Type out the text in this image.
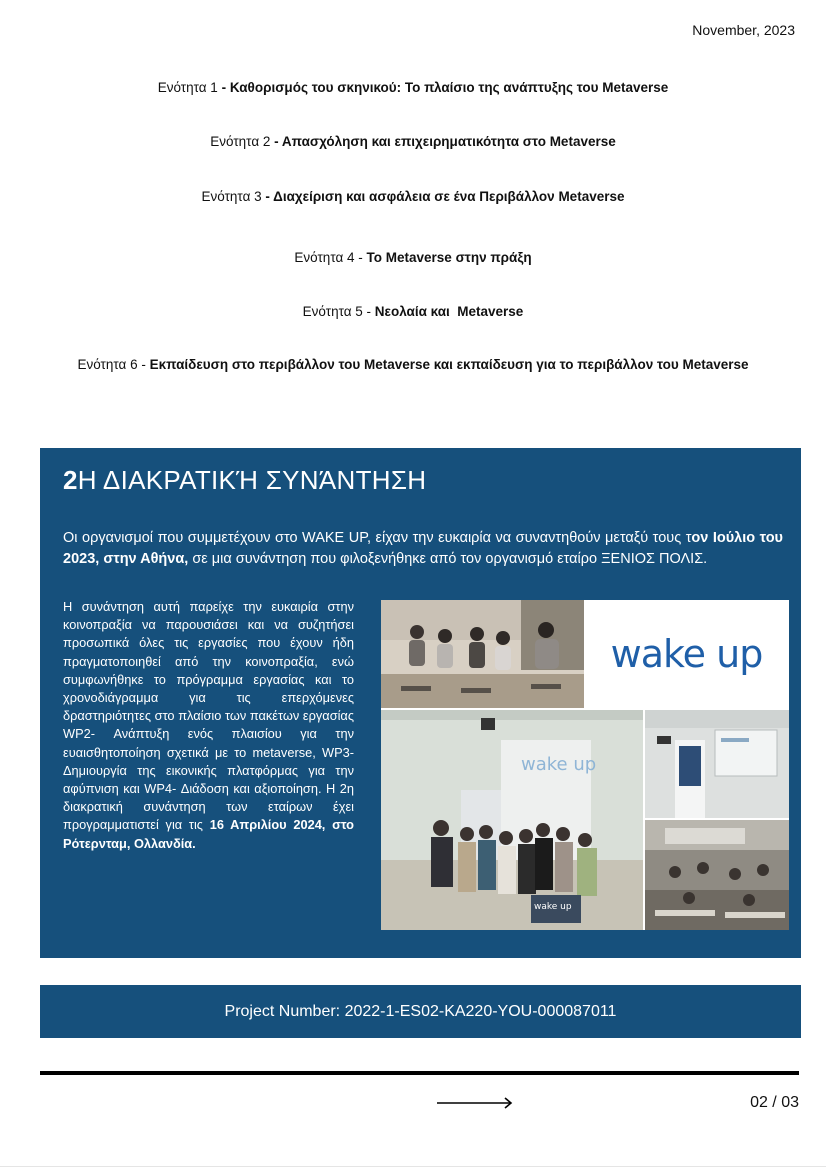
November, 2023
Ενότητα 1 - Καθορισμός του σκηνικού: Το πλαίσιο της ανάπτυξης του Metaverse
Ενότητα 2 - Απασχόληση και επιχειρηματικότητα στο Metaverse
Ενότητα 3 - Διαχείριση και ασφάλεια σε ένα Περιβάλλον Metaverse
Ενότητα 4 - Το Metaverse στην πράξη
Ενότητα 5 - Νεολαία και  Metaverse
Ενότητα 6 - Εκπαίδευση στο περιβάλλον του Metaverse και εκπαίδευση για το περιβάλλον του Metaverse
2Η ΔΙΑΚΡΑΤΙΚΉ ΣΥΝΆΝΤΗΣΗ
Οι οργανισμοί που συμμετέχουν στο WAKE UP, είχαν την ευκαιρία να συναντηθούν μεταξύ τους τον Ιούλιο του 2023, στην Αθήνα, σε μια συνάντηση που φιλοξενήθηκε από τον οργανισμό εταίρο ΞΕΝΙΟΣ ΠΟΛΙΣ.
Η συνάντηση αυτή παρείχε την ευκαιρία στην κοινοπραξία να παρουσιάσει και να συζητήσει προσωπικά όλες τις εργασίες που έχουν ήδη πραγματοποιηθεί από την κοινοπραξία, ενώ συμφωνήθηκε το πρόγραμμα εργασίας και το χρονοδιάγραμμα για τις επερχόμενες δραστηριότητες στο πλαίσιο των πακέτων εργασίας WP2- Ανάπτυξη ενός πλαισίου για την ευαισθητοποίηση σχετικά με το metaverse, WP3- Δημιουργία της εικονικής πλατφόρμας για την αφύπνιση και WP4- Διάδοση και αξιοποίηση. Η 2η διακρατική συνάντηση των εταίρων έχει προγραμματιστεί για τις 16 Απριλίου 2024, στο Ρότερνταμ, Ολλανδία.
wake up
wake up
wake up
Project Number: 2022-1-ES02-KA220-YOU-000087011
02 / 03
